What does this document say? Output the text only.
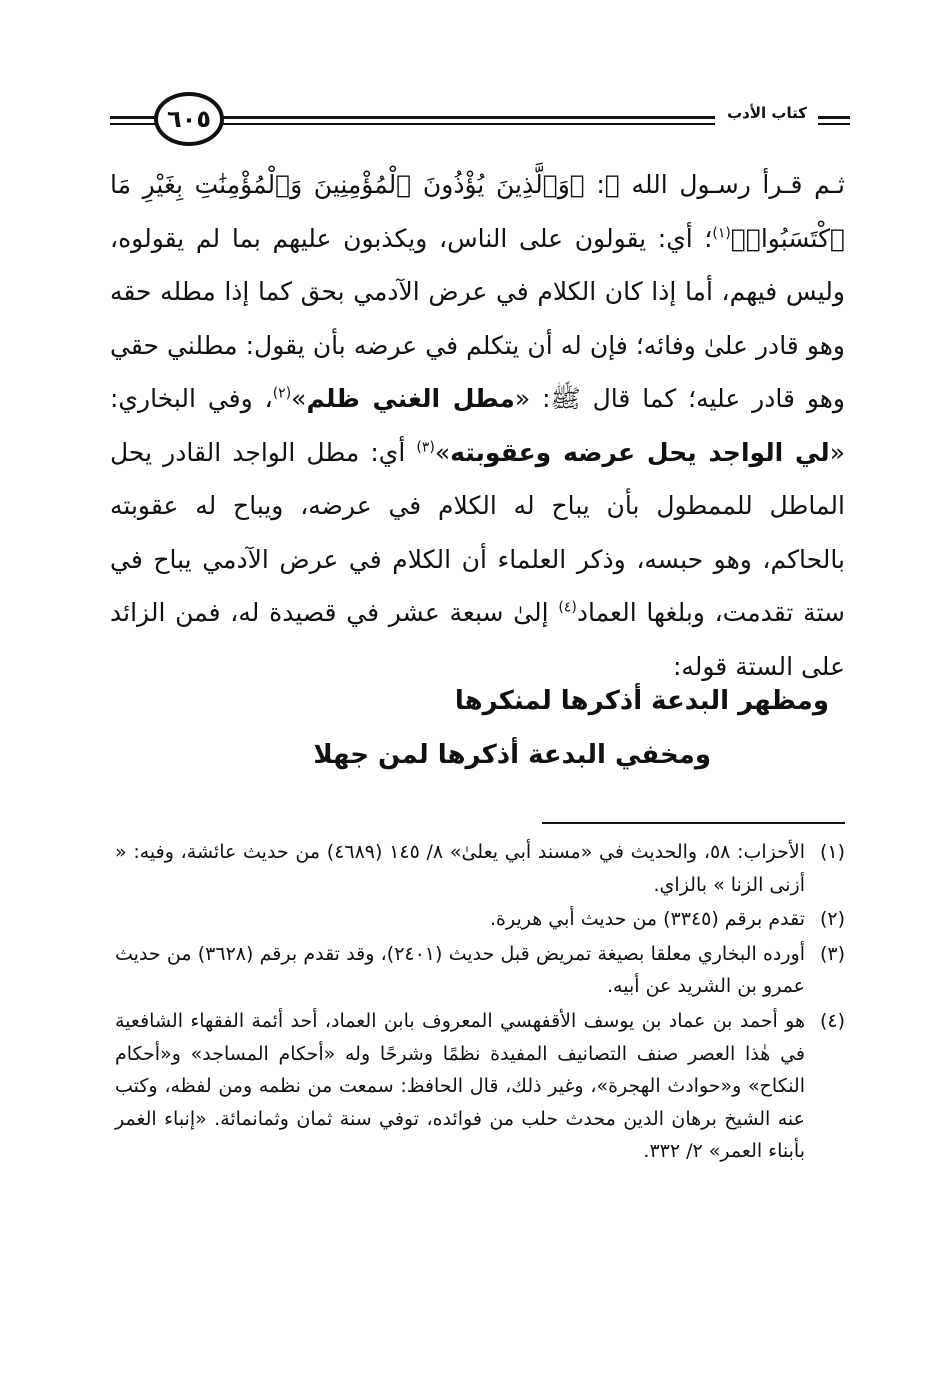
٦٠٥	كتاب الأدب

ثـم قـرأ رسـول الله ﷺ: ﴿وَٱلَّذِينَ يُؤْذُونَ ٱلْمُؤْمِنِينَ وَٱلْمُؤْمِنَٰتِ بِغَيْرِ مَا ٱكْتَسَبُوا۟﴾$^{(١)}$؛ أي: يقولون على الناس، ويكذبون عليهم بما لم يقولوه، وليس فيهم، أما إذا كان الكلام في عرض الآدمي بحق كما إذا مطله حقه وهو قادر علىٰ وفائه؛ فإن له أن يتكلم في عرضه بأن يقول: مطلني حقي وهو قادر عليه؛ كما قال ﷺ: «مطل الغني ظلم»$^{(٢)}$، وفي البخاري: «لي الواجد يحل عرضه وعقوبته»$^{(٣)}$ أي: مطل الواجد القادر يحل الماطل للممطول بأن يباح له الكلام في عرضه، ويباح له عقوبته بالحاكم، وهو حبسه، وذكر العلماء أن الكلام في عرض الآدمي يباح في ستة تقدمت، وبلغها العماد$^{(٤)}$ إلىٰ سبعة عشر في قصيدة له، فمن الزائد على الستة قوله:

ومظهر البدعة أذكرها لمنكرها
ومخفي البدعة أذكرها لمن جهلا
(١)
الأحزاب: ٥٨، والحديث في «مسند أبي يعلىٰ» ٨/ ١٤٥ (٤٦٨٩) من حديث عائشة، وفيه: « أزنى الزنا » بالزاي.
(٢)
تقدم برقم (٣٣٤٥) من حديث أبي هريرة.
(٣)
أورده البخاري معلقا بصيغة تمريض قبل حديث (٢٤٠١)، وقد تقدم برقم (٣٦٢٨) من حديث عمرو بن الشريد عن أبيه.
(٤)
هو أحمد بن عماد بن يوسف الأقفهسي المعروف بابن العماد، أحد أئمة الفقهاء الشافعية في هٰذا العصر صنف التصانيف المفيدة نظمًا وشرحًا وله «أحكام المساجد» و«أحكام النكاح» و«حوادث الهجرة»، وغير ذلك، قال الحافظ: سمعت من نظمه ومن لفظه، وكتب عنه الشيخ برهان الدين محدث حلب من فوائده، توفي سنة ثمان وثمانمائة. «إنباء الغمر بأبناء العمر» ٢/ ٣٣٢.
